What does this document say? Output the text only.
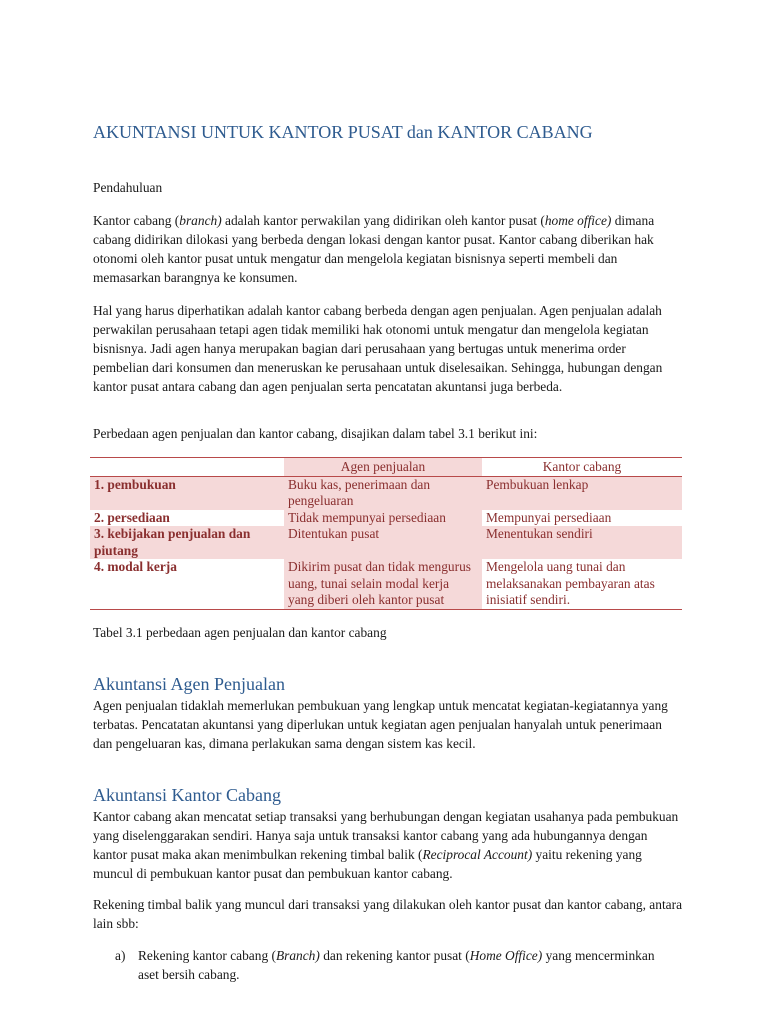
AKUNTANSI UNTUK KANTOR PUSAT dan KANTOR CABANG
Pendahuluan
Kantor cabang (branch) adalah kantor perwakilan yang didirikan oleh kantor pusat (home office) dimana cabang didirikan dilokasi yang berbeda dengan lokasi dengan kantor pusat. Kantor cabang diberikan hak otonomi oleh kantor pusat untuk mengatur dan mengelola kegiatan bisnisnya seperti membeli dan memasarkan barangnya ke konsumen.
Hal yang harus diperhatikan adalah kantor cabang berbeda dengan agen penjualan. Agen penjualan adalah perwakilan perusahaan tetapi agen tidak memiliki hak otonomi untuk mengatur dan mengelola kegiatan bisnisnya. Jadi agen hanya merupakan bagian dari perusahaan yang bertugas untuk menerima order pembelian dari konsumen dan meneruskan ke perusahaan untuk diselesaikan. Sehingga, hubungan dengan kantor pusat antara cabang dan agen penjualan serta pencatatan akuntansi juga berbeda.
Perbedaan agen penjualan dan kantor cabang, disajikan dalam tabel 3.1 berikut ini:
	Agen penjualan	Kantor cabang
1. pembukuan	Buku kas, penerimaan dan pengeluaran	Pembukuan lenkap
2. persediaan	Tidak mempunyai persediaan	Mempunyai persediaan
3. kebijakan penjualan dan piutang	Ditentukan pusat	Menentukan sendiri
4. modal kerja	Dikirim pusat dan tidak mengurus uang, tunai selain modal kerja yang diberi oleh kantor pusat	Mengelola uang tunai dan melaksanakan pembayaran atas inisiatif sendiri.
Tabel 3.1 perbedaan agen penjualan dan kantor cabang
Akuntansi Agen Penjualan
Agen penjualan tidaklah memerlukan pembukuan yang lengkap untuk mencatat kegiatan-kegiatannya yang terbatas. Pencatatan akuntansi yang diperlukan untuk kegiatan agen penjualan hanyalah untuk penerimaan dan pengeluaran kas, dimana perlakukan sama dengan sistem kas kecil.
Akuntansi Kantor Cabang
Kantor cabang akan mencatat setiap transaksi yang berhubungan dengan kegiatan usahanya pada pembukuan yang diselenggarakan sendiri. Hanya saja untuk transaksi kantor cabang yang ada hubungannya dengan kantor pusat maka akan menimbulkan rekening timbal balik (Reciprocal Account) yaitu rekening yang muncul di pembukuan kantor pusat dan pembukuan kantor cabang.
Rekening timbal balik yang muncul dari transaksi yang dilakukan oleh kantor pusat dan kantor cabang, antara lain sbb:
a) Rekening kantor cabang (Branch) dan rekening kantor pusat (Home Office) yang mencerminkan aset bersih cabang.
